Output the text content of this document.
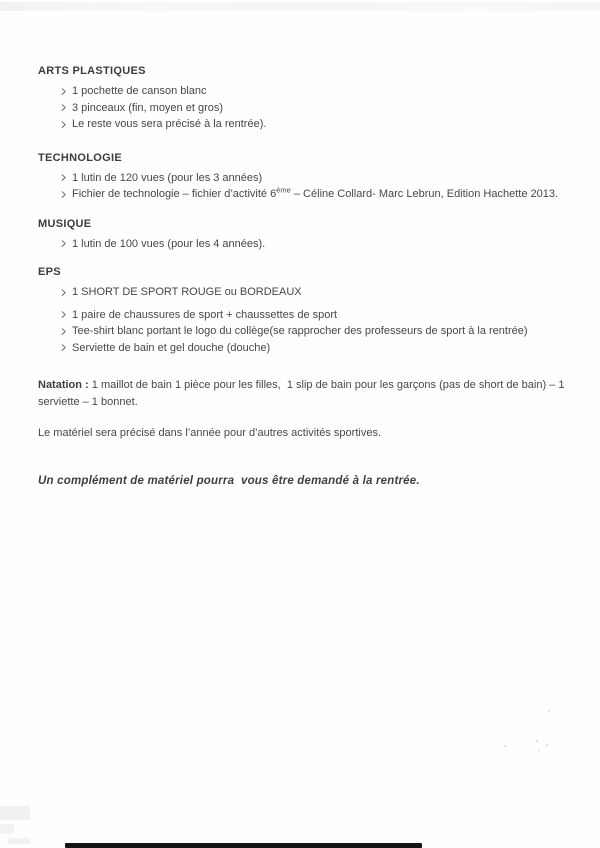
ARTS PLASTIQUES
1 pochette de canson blanc
3 pinceaux (fin, moyen et gros)
Le reste vous sera précisé à la rentrée).
TECHNOLOGIE
1 lutin de 120 vues (pour les 3 années)
Fichier de technologie – fichier d’activité 6ème – Céline Collard- Marc Lebrun, Edition Hachette 2013.
MUSIQUE
1 lutin de 100 vues (pour les 4 années).
EPS
1 SHORT DE SPORT ROUGE ou BORDEAUX
1 paire de chaussures de sport + chaussettes de sport
Tee-shirt blanc portant le logo du collège(se rapprocher des professeurs de sport à la rentrée)
Serviette de bain et gel douche (douche)

Natation : 1 maillot de bain 1 pièce pour les filles,  1 slip de bain pour les garçons (pas de short de bain) – 1 serviette – 1 bonnet.

Le matériel sera précisé dans l’année pour d’autres activités sportives.

Un complément de matériel pourra  vous être demandé à la rentrée.
